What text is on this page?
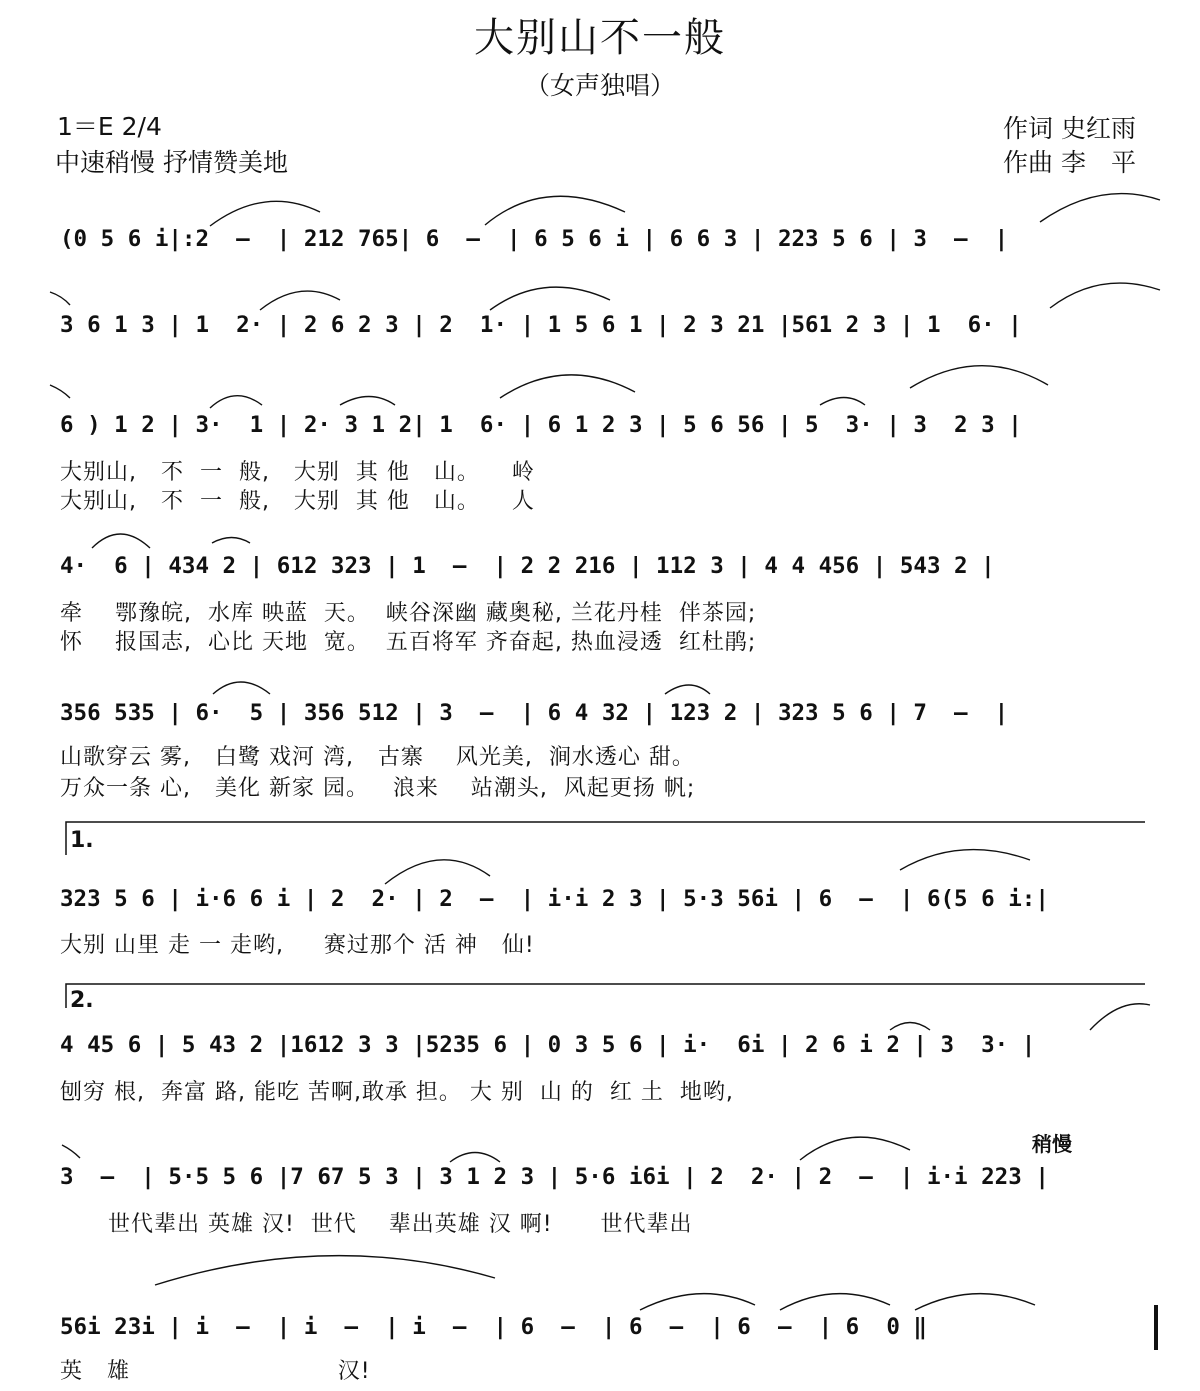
大别山不一般
（女声独唱）
1＝E 2/4
中速稍慢 抒情赞美地
作词 史红雨
作曲 李　平
1.
2.
稍慢
(0 5 6 i|:2  —  | 212 765| 6  —  | 6 5 6 i | 6 6 3 | 223 5 6 | 3  —  |
3 6 1 3 | 1  2· | 2 6 2 3 | 2  1· | 1 5 6 1 | 2 3 21 |561 2 3 | 1  6· |
6 ) 1 2 | 3·  1 | 2· 3 1 2| 1  6· | 6 1 2 3 | 5 6 56 | 5  3· | 3  2 3 |
大别山,   不  一  般,   大别  其 他   山。    岭
大别山,   不  一  般,   大别  其 他   山。    人
4·  6 | 434 2 | 612 323 | 1  —  | 2 2 216 | 112 3 | 4 4 456 | 543 2 |
牵    鄂豫皖,  水库 映蓝  天。  峡谷深幽 藏奥秘, 兰花丹桂  伴茶园;
怀    报国志,  心比 天地  宽。  五百将军 齐奋起, 热血浸透  红杜鹃;
356 535 | 6·  5 | 356 512 | 3  —  | 6 4 32 | 123 2 | 323 5 6 | 7  —  |
山歌穿云 雾,   白鹭 戏河 湾,   古寨    风光美,  涧水透心 甜。
万众一条 心,   美化 新家 园。   浪来    站潮头,  风起更扬 帆;
323 5 6 | i·6 6 i | 2  2· | 2  —  | i·i 2 3 | 5·3 56i | 6  —  | 6(5 6 i:|
大别 山里 走 一 走哟,     赛过那个 活 神   仙!
4 45 6 | 5 43 2 |1612 3 3 |5235 6 | 0 3 5 6 | i·  6i | 2 6 i 2 | 3  3· |
刨穷 根,  奔富 路, 能吃 苦啊,敢承 担。 大 别  山 的  红 土  地哟,
3  —  | 5·5 5 6 |7 67 5 3 | 3 1 2 3 | 5·6 i6i | 2  2· | 2  —  | i·i 223 |
世代辈出 英雄 汉!  世代    辈出英雄 汉 啊!      世代辈出
56i 23i | i  —  | i  —  | i  —  | 6  —  | 6  —  | 6  —  | 6  0 ‖
英   雄                          汉!
